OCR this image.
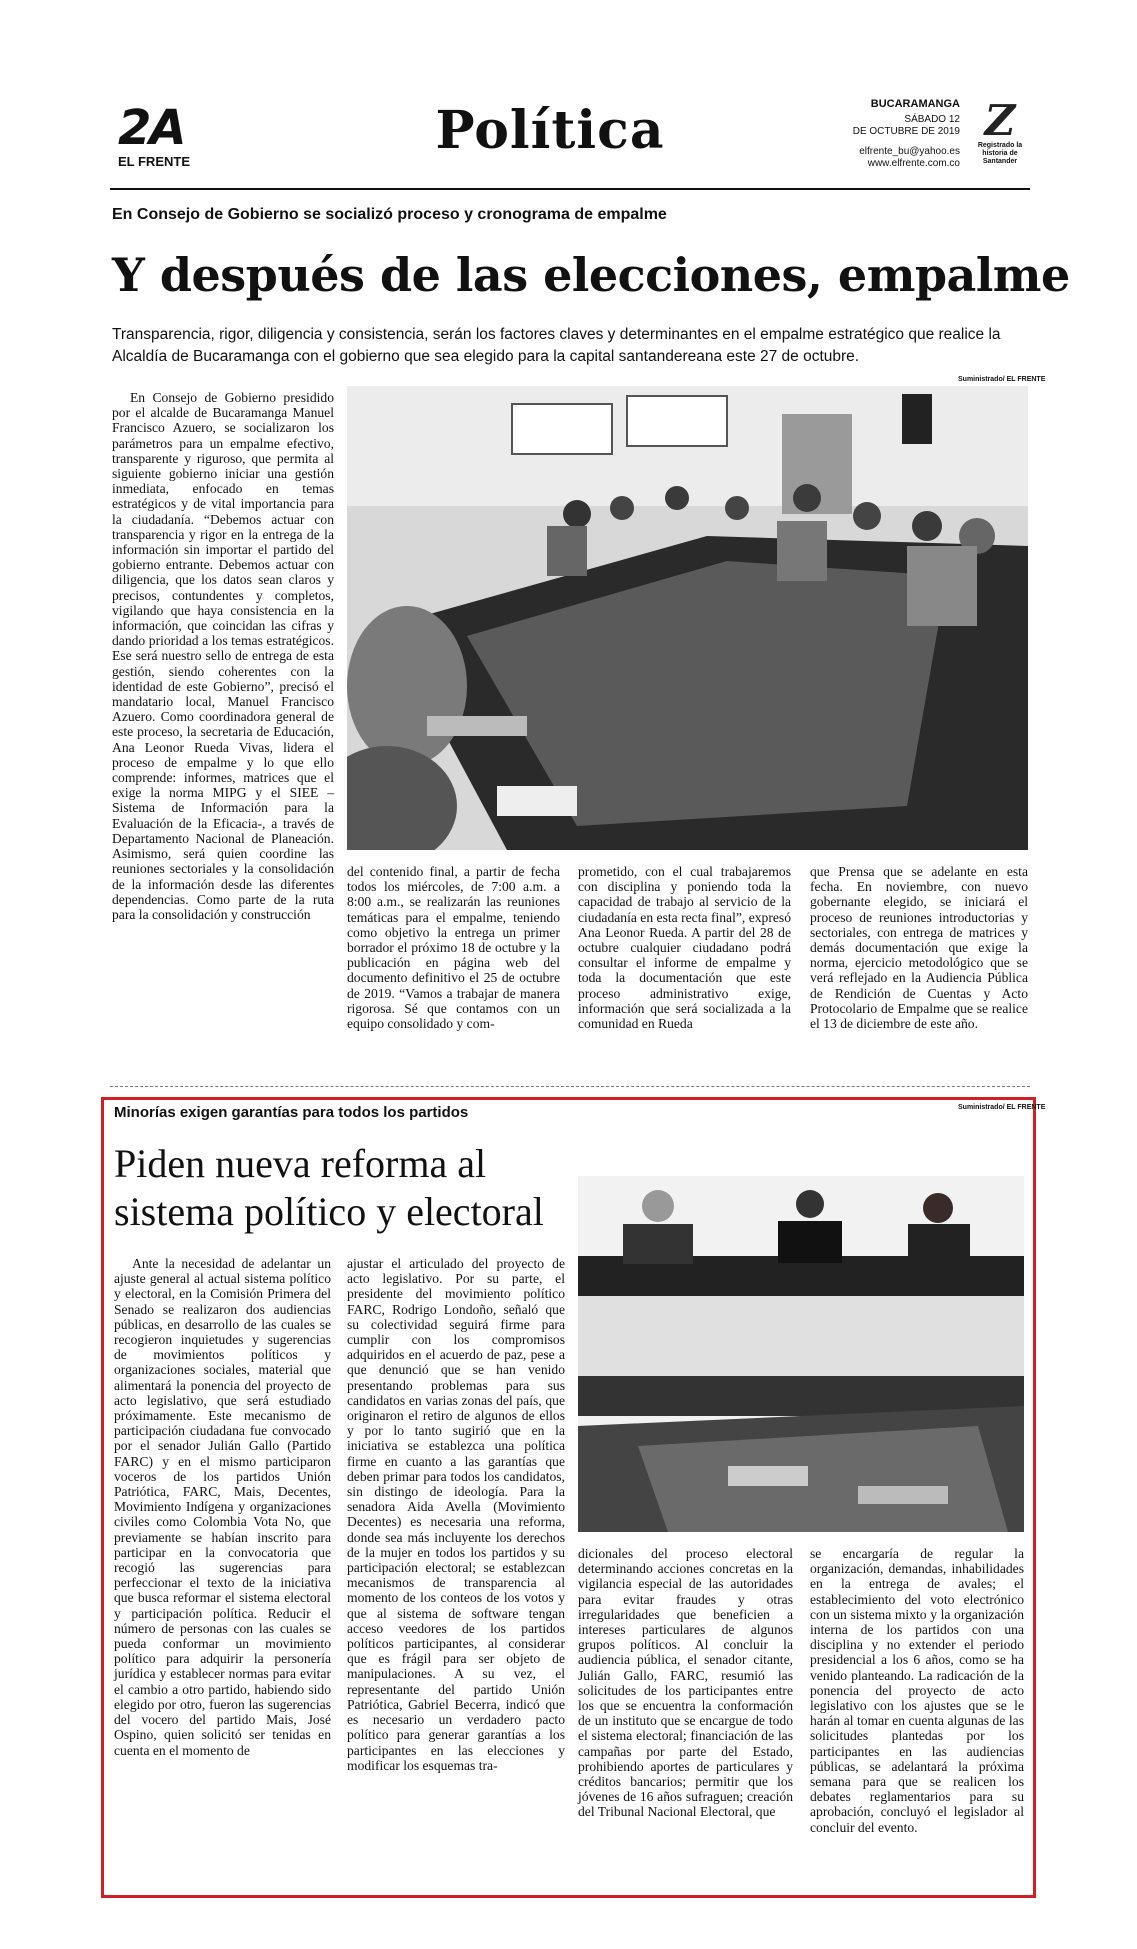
2A
EL FRENTE
Política	BUCARAMANGA
SÁBADO 12
DE OCTUBRE DE 2019
elfrente_bu@yahoo.es
www.elfrente.com.co
Z
Registrado la historia de Santander
En Consejo de Gobierno se socializó proceso y cronograma de empalme
Y después de las elecciones, empalme
Transparencia, rigor, diligencia y consistencia, serán los factores claves y determinantes en el empalme estratégico que realice la Alcaldía de Bucaramanga con el gobierno que sea elegido para la capital santandereana este 27 de octubre.
Suministrado/ EL FRENTE

En Consejo de Gobierno presidido por el alcalde de Bucaramanga Manuel Francisco Azuero, se socializaron los parámetros para un empalme efectivo, transparente y riguroso, que permita al siguiente gobierno iniciar una gestión inmediata, enfocado en temas estratégicos y de vital importancia para la ciudadanía. “Debemos actuar con transparencia y rigor en la entrega de la información sin importar el partido del gobierno entrante. Debemos actuar con diligencia, que los datos sean claros y precisos, contundentes y completos, vigilando que haya consistencia en la información, que coincidan las cifras y dando prioridad a los temas estratégicos. Ese será nuestro sello de entrega de esta gestión, siendo coherentes con la identidad de este Gobierno”, precisó el mandatario local, Manuel Francisco Azuero. Como coordinadora general de este proceso, la secretaria de Educación, Ana Leonor Rueda Vivas, lidera el proceso de empalme y lo que ello comprende: informes, matrices que el exige la norma MIPG y el SIEE – Sistema de Información para la Evaluación de la Eficacia-, a través de Departamento Nacional de Planeación. Asimismo, será quien coordine las reuniones sectoriales y la consolidación de la información desde las diferentes dependencias. Como parte de la ruta para la consolidación y construcción

del contenido final, a partir de fecha todos los miércoles, de 7:00 a.m. a 8:00 a.m., se realizarán las reuniones temáticas para el empalme, teniendo como objetivo la entrega un primer borrador el próximo 18 de octubre y la publicación en página web del documento definitivo el 25 de octubre de 2019. “Vamos a trabajar de manera rigorosa. Sé que contamos con un equipo consolidado y com-

prometido, con el cual trabajaremos con disciplina y poniendo toda la capacidad de trabajo al servicio de la ciudadanía en esta recta final”, expresó Ana Leonor Rueda. A partir del 28 de octubre cualquier ciudadano podrá consultar el informe de empalme y toda la documentación que este proceso administrativo exige, información que será socializada a la comunidad en Rueda

que Prensa que se adelante en esta fecha. En noviembre, con nuevo gobernante elegido, se iniciará el proceso de reuniones introductorias y sectoriales, con entrega de matrices y demás documentación que exige la norma, ejercicio metodológico que se verá reflejado en la Audiencia Pública de Rendición de Cuentas y Acto Protocolario de Empalme que se realice el 13 de diciembre de este año.

Minorías exigen garantías para todos los partidos	Suministrado/ EL FRENTE
Piden nueva reforma al sistema político y electoral

Ante la necesidad de adelantar un ajuste general al actual sistema político y electoral, en la Comisión Primera del Senado se realizaron dos audiencias públicas, en desarrollo de las cuales se recogieron inquietudes y sugerencias de movimientos políticos y organizaciones sociales, material que alimentará la ponencia del proyecto de acto legislativo, que será estudiado próximamente. Este mecanismo de participación ciudadana fue convocado por el senador Julián Gallo (Partido FARC) y en el mismo participaron voceros de los partidos Unión Patriótica, FARC, Mais, Decentes, Movimiento Indígena y organizaciones civiles como Colombia Vota No, que previamente se habían inscrito para participar en la convocatoria que recogió las sugerencias para perfeccionar el texto de la iniciativa que busca reformar el sistema electoral y participación política. Reducir el número de personas con las cuales se pueda conformar un movimiento político para adquirir la personería jurídica y establecer normas para evitar el cambio a otro partido, habiendo sido elegido por otro, fueron las sugerencias del vocero del partido Mais, José Ospino, quien solicitó ser tenidas en cuenta en el momento de

ajustar el articulado del proyecto de acto legislativo. Por su parte, el presidente del movimiento político FARC, Rodrigo Londoño, señaló que su colectividad seguirá firme para cumplir con los compromisos adquiridos en el acuerdo de paz, pese a que denunció que se han venido presentando problemas para sus candidatos en varias zonas del país, que originaron el retiro de algunos de ellos y por lo tanto sugirió que en la iniciativa se establezca una política firme en cuanto a las garantías que deben primar para todos los candidatos, sin distingo de ideología. Para la senadora Aida Avella (Movimiento Decentes) es necesaria una reforma, donde sea más incluyente los derechos de la mujer en todos los partidos y su participación electoral; se establezcan mecanismos de transparencia al momento de los conteos de los votos y que al sistema de software tengan acceso veedores de los partidos políticos participantes, al considerar que es frágil para ser objeto de manipulaciones. A su vez, el representante del partido Unión Patriótica, Gabriel Becerra, indicó que es necesario un verdadero pacto político para generar garantías a los participantes en las elecciones y modificar los esquemas tra-

dicionales del proceso electoral determinando acciones concretas en la vigilancia especial de las autoridades para evitar fraudes y otras irregularidades que beneficien a intereses particulares de algunos grupos políticos. Al concluir la audiencia pública, el senador citante, Julián Gallo, FARC, resumió las solicitudes de los participantes entre los que se encuentra la conformación de un instituto que se encargue de todo el sistema electoral; financiación de las campañas por parte del Estado, prohibiendo aportes de particulares y créditos bancarios; permitir que los jóvenes de 16 años sufraguen; creación del Tribunal Nacional Electoral, que

se encargaría de regular la organización, demandas, inhabilidades en la entrega de avales; el establecimiento del voto electrónico con un sistema mixto y la organización interna de los partidos con una disciplina y no extender el periodo presidencial a los 6 años, como se ha venido planteando. La radicación de la ponencia del proyecto de acto legislativo con los ajustes que se le harán al tomar en cuenta algunas de las solicitudes plantedas por los participantes en las audiencias públicas, se adelantará la próxima semana para que se realicen los debates reglamentarios para su aprobación, concluyó el legislador al concluir del evento.
